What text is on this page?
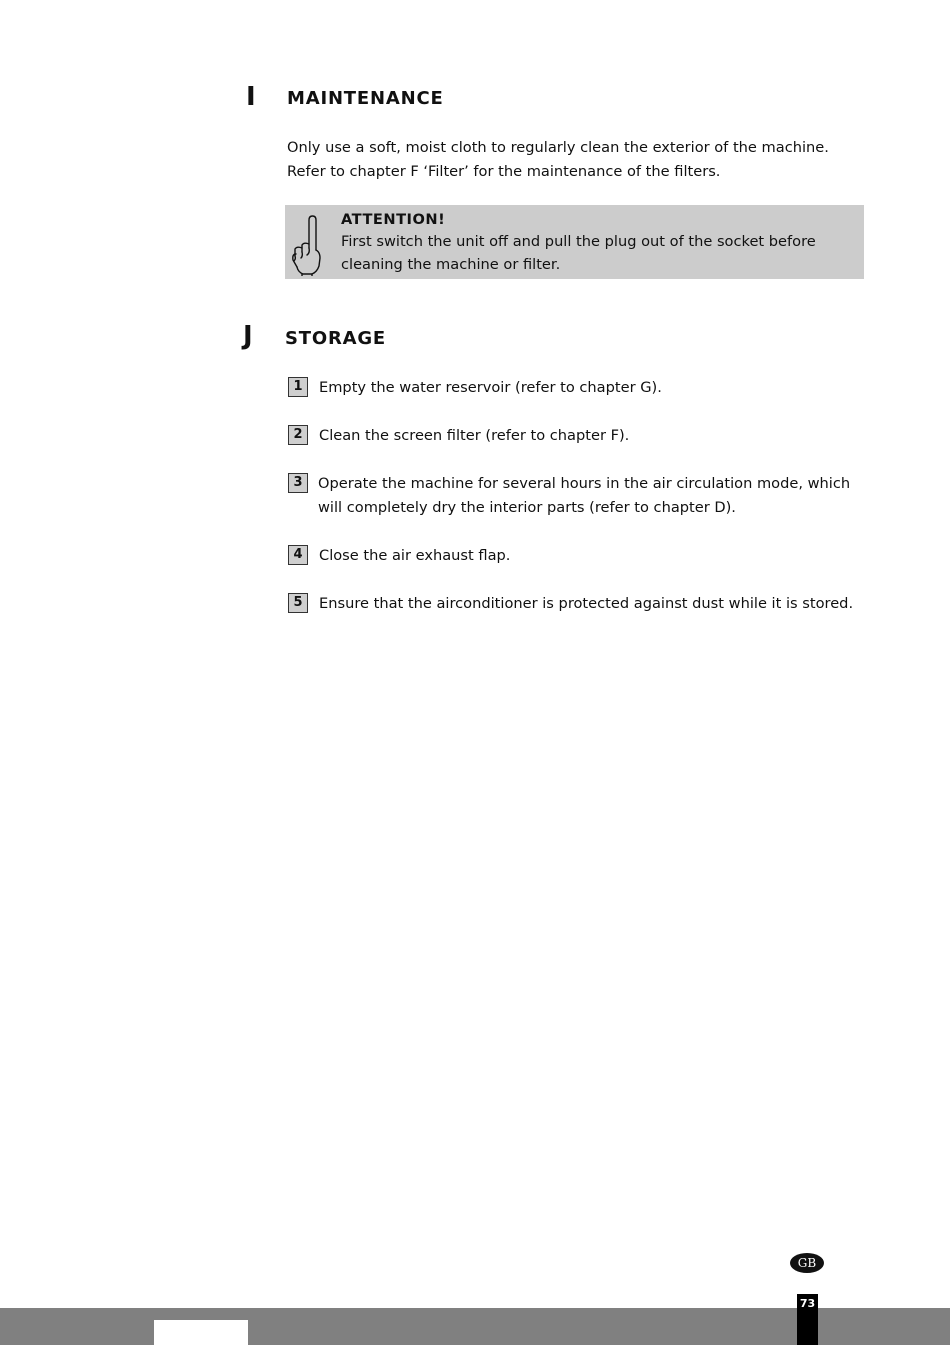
I MAINTENANCE

Only use a soft, moist cloth to regularly clean the exterior of the machine.

Refer to chapter F ‘Filter’ for the maintenance of the filters.

ATTENTION!
First switch the unit off and pull the plug out of the socket before cleaning the machine or filter.
J STORAGE
1	Empty the water reservoir (refer to chapter G).
2	Clean the screen filter (refer to chapter F).
3	Operate the machine for several hours in the air circulation mode, which will completely dry the interior parts (refer to chapter D).
4	Close the air exhaust flap.
5	Ensure that the airconditioner is protected against dust while it is stored.
GB
73
